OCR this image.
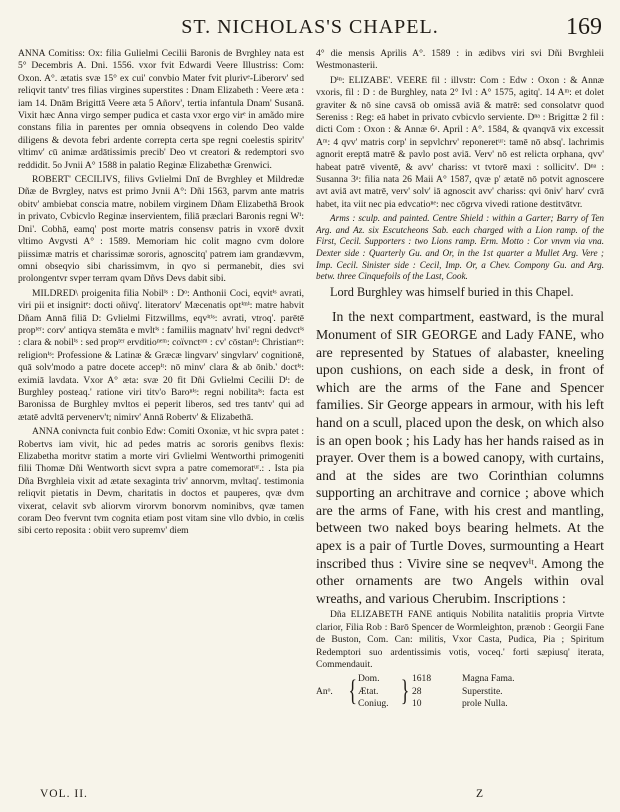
ST. NICHOLAS'S CHAPEL.	169

ANNA Comitiss: Ox: filia Gulielmi Cecilii Baronis de Bvrghley nata est 5° Decembris A. Dni. 1556. vxor fvit Edwardi Veere Illustriss: Com: Oxon. A°. ætatis svæ 15° ex cui' convbio Mater fvit plurivᵉ-Liberorv' sed reliqvit tantv' tres filias virgines superstites : Dnam Elizabeth : Veere æta : iam 14. Dnām Brigittā Veere æta 5 Añorv', tertia infantula Dnam' Susanā. Vixit hæc Anna virgo semper pudica et casta vxor ergo virᵉ in amãdo mire constans filia in parentes per omnia obseqvens in colendo Deo valde diligens & devota febri ardente correpta certa spe regni coelestis spiritv' vltimv' cū animæ ardātissimis precib' Deo vt creatori & redemptori svo reddidit. 5o Jvnii A° 1588 in palatio Reginæ Elizabethæ Grenwici.

ROBERT' CECILIVS, filivs Gvlielmi Dnī de Bvrghley et Mildredæ Dñæ de Bvrgley, natvs est primo Jvnii A°: Dñi 1563, parvm ante matris obitv' ambiebat conscia matre, nobilem virginem Dñam Elizabethā Brook in privato, Cvbicvlo Reginæ inservientem, filiā præclari Baronis regni Wⁱ: Dni'. Cobhā, eamq' post morte matris consensv patris in vxorē dvxit vltimo Avgvsti A° : 1589. Memoriam hic colit magno cvm dolore piissimæ matris et charissimæ sororis, agnoscitq' patrem iam grandævvm, omni obseqvio sibi charissimvm, in qvo si permanebit, dies svi prolongentvr svper terram qvam Dñvs Devs dabit sibi.

MILDRED\ proigenita filia Nobilⁱˢ : Dᵒ: Anthonii Coci, eqvitⁱˢ avrati, viri pii et insignitᵉ: docti oñivq'. literatorv' Mæcenatis optⁱᵐⁱ: matre habvit Dñam Annā filiā D: Gvlielmi Fitzwillms, eqvⁱᵗⁱˢ: avrati, vtroq'. parētē propᵗᵉʳ: corv' antiqva stemāta e mvltⁱˢ : familiis magnatv' hvi' regni dedvctⁱˢ : clara & nobilⁱˢ : sed propᵗᵉʳ ervditioⁿᵉᵐ: coïvnctᵃᵐ : cv' cōstanᵗⁱ: Christianᵉʳ: religionⁱˢ: Professione & Latinæ & Græcæ lingvarv' singvlarv' cognitionē, quā solv'modo a patre docete accepⁱᵗ: nō minv' clara & ab ōnib.' doctⁱˢ: eximiā lavdata. Vxor A° æta: svæ 20 fit Dñi Gvlielmi Cecilii Dⁱ: de Burghley posteaq.' ratione viri titv'o Baroⁿⁱˢ: regni nobilitaⁱˢ: facta est Baronissa de Burghley mvltos ei peperit liberos, sed tres tantv' qui ad ætatē advltā pervenerv't; nimirv' Annā Robertv' & Elizabethā.

ANNA conivncta fuit conbio Edw: Comiti Oxoniæ, vt hic svpra patet : Robertvs iam vivit, hic ad pedes matris ac sororis genibvs flexis: Elizabetha moritvr statim a morte viri Gvlielmi Wentworthi primogeniti filii Thomæ Dñi Wentworth sicvt svpra a patre comemoratᵘʳ.: . Ista pia Dña Bvrghleia vixit ad ætate sexaginta triv' annorvm, mvltaq'. testimonia reliqvit pietatis in Devm, charitatis in doctos et pauperes, qvæ dvm vixerat, celavit svb aliorvm virorvm bonorvm nominibvs, qvæ tamen coram Deo fvervnt tvm cognita etiam post vitam sine vllo dvbio, in cœlis sibi certo reposita : obiit vero supremv' diem

4° die mensis Aprilis A°. 1589 : in ædibvs viri svi Dñi Bvrghleii Westmonasterii.

Dⁱⁿ: ELIZABE'. VEERE fil : illvstr: Com : Edw : Oxon : & Annæ vxoris, fil : D : de Burghley, nata 2° Ivl : A° 1575, agitq'. 14 Aᵐ: et dolet graviter & nō sine cavsā ob omissā aviā & matrē: sed consolatvr quod Sereniss : Reg: eā habet in privato cvbicvlo serviente. Dⁿᵃ : Brigittæ 2 fil : dicti Com : Oxon : & Annæ 6ᵃ. April : A°. 1584, & qvanqvā vix excessit Aᵐ: 4 qvv' matris corp' in sepvlchrv' reponeretᵘʳ: tamē nō absq'. lachrimis agnorit ereptā matrē & pavlo post aviā. Verv' nō est relicta orphana, qvv' habeat patrē viventē, & avv' chariss: vt tvtorē maxi : sollicitv'. Dⁿᵃ : Susanna 3ᵃ: filia nata 26 Maii A° 1587, qvæ p' ætatē nō potvit agnoscere avt aviā avt matrē, verv' solv' iā agnoscit avv' chariss: qvi ōniv' harv' cvrā habet, ita viit nec pia edvcatioⁿᵉ: nec cōgrva vivedi ratione destitvātvr.

Arms : sculp. and painted. Centre Shield : within a Garter; Barry of Ten Arg. and Az. six Escutcheons Sab. each charged with a Lion ramp. of the First, Cecil. Supporters : two Lions ramp. Erm. Motto : Cor vnvm via vna. Dexter side : Quarterly Gu. and Or, in the 1st quarter a Mullet Arg. Vere ; Imp. Cecil. Sinister side : Cecil, Imp. Or, a Chev. Compony Gu. and Arg. betw. three Cinquefoils of the Last, Cook.

Lord Burghley was himself buried in this Chapel.

In the next compartment, eastward, is the mural Monument of SIR GEORGE and Lady FANE, who are represented by Statues of alabaster, kneeling upon cushions, on each side a desk, in front of which are the arms of the Fane and Spencer families. Sir George appears in armour, with his left hand on a scull, placed upon the desk, on which also is an open book ; his Lady has her hands raised as in prayer. Over them is a bowed canopy, with curtains, and at the sides are two Corinthian columns supporting an architrave and cornice ; above which are the arms of Fane, with his crest and mantling, between two naked boys bearing helmets. At the apex is a pair of Turtle Doves, surmounting a Heart inscribed thus : Vivire sine se neqvevⁱᵗ. Among the other ornaments are two Angels within oval wreaths, and various Cherubim. Inscriptions :

Dña ELIZABETH FANE antiquis Nobilita natalitiis propria Virtvte clarior, Filia Rob : Barō Spencer de Wormleighton, prænob : Georgii Fane de Buston, Com. Can: militis, Vxor Casta, Pudica, Pia ; Spiritum Redemptori suo ardentissimis votis, voceq.' forti sæpiusq' iterata, Commendauit.

Anᵒ. { Dom. } 1618	Magna Fama.
Ætat.	28	Superstite.
Coniug.	10	prole Nulla.
VOL. II.	Z
